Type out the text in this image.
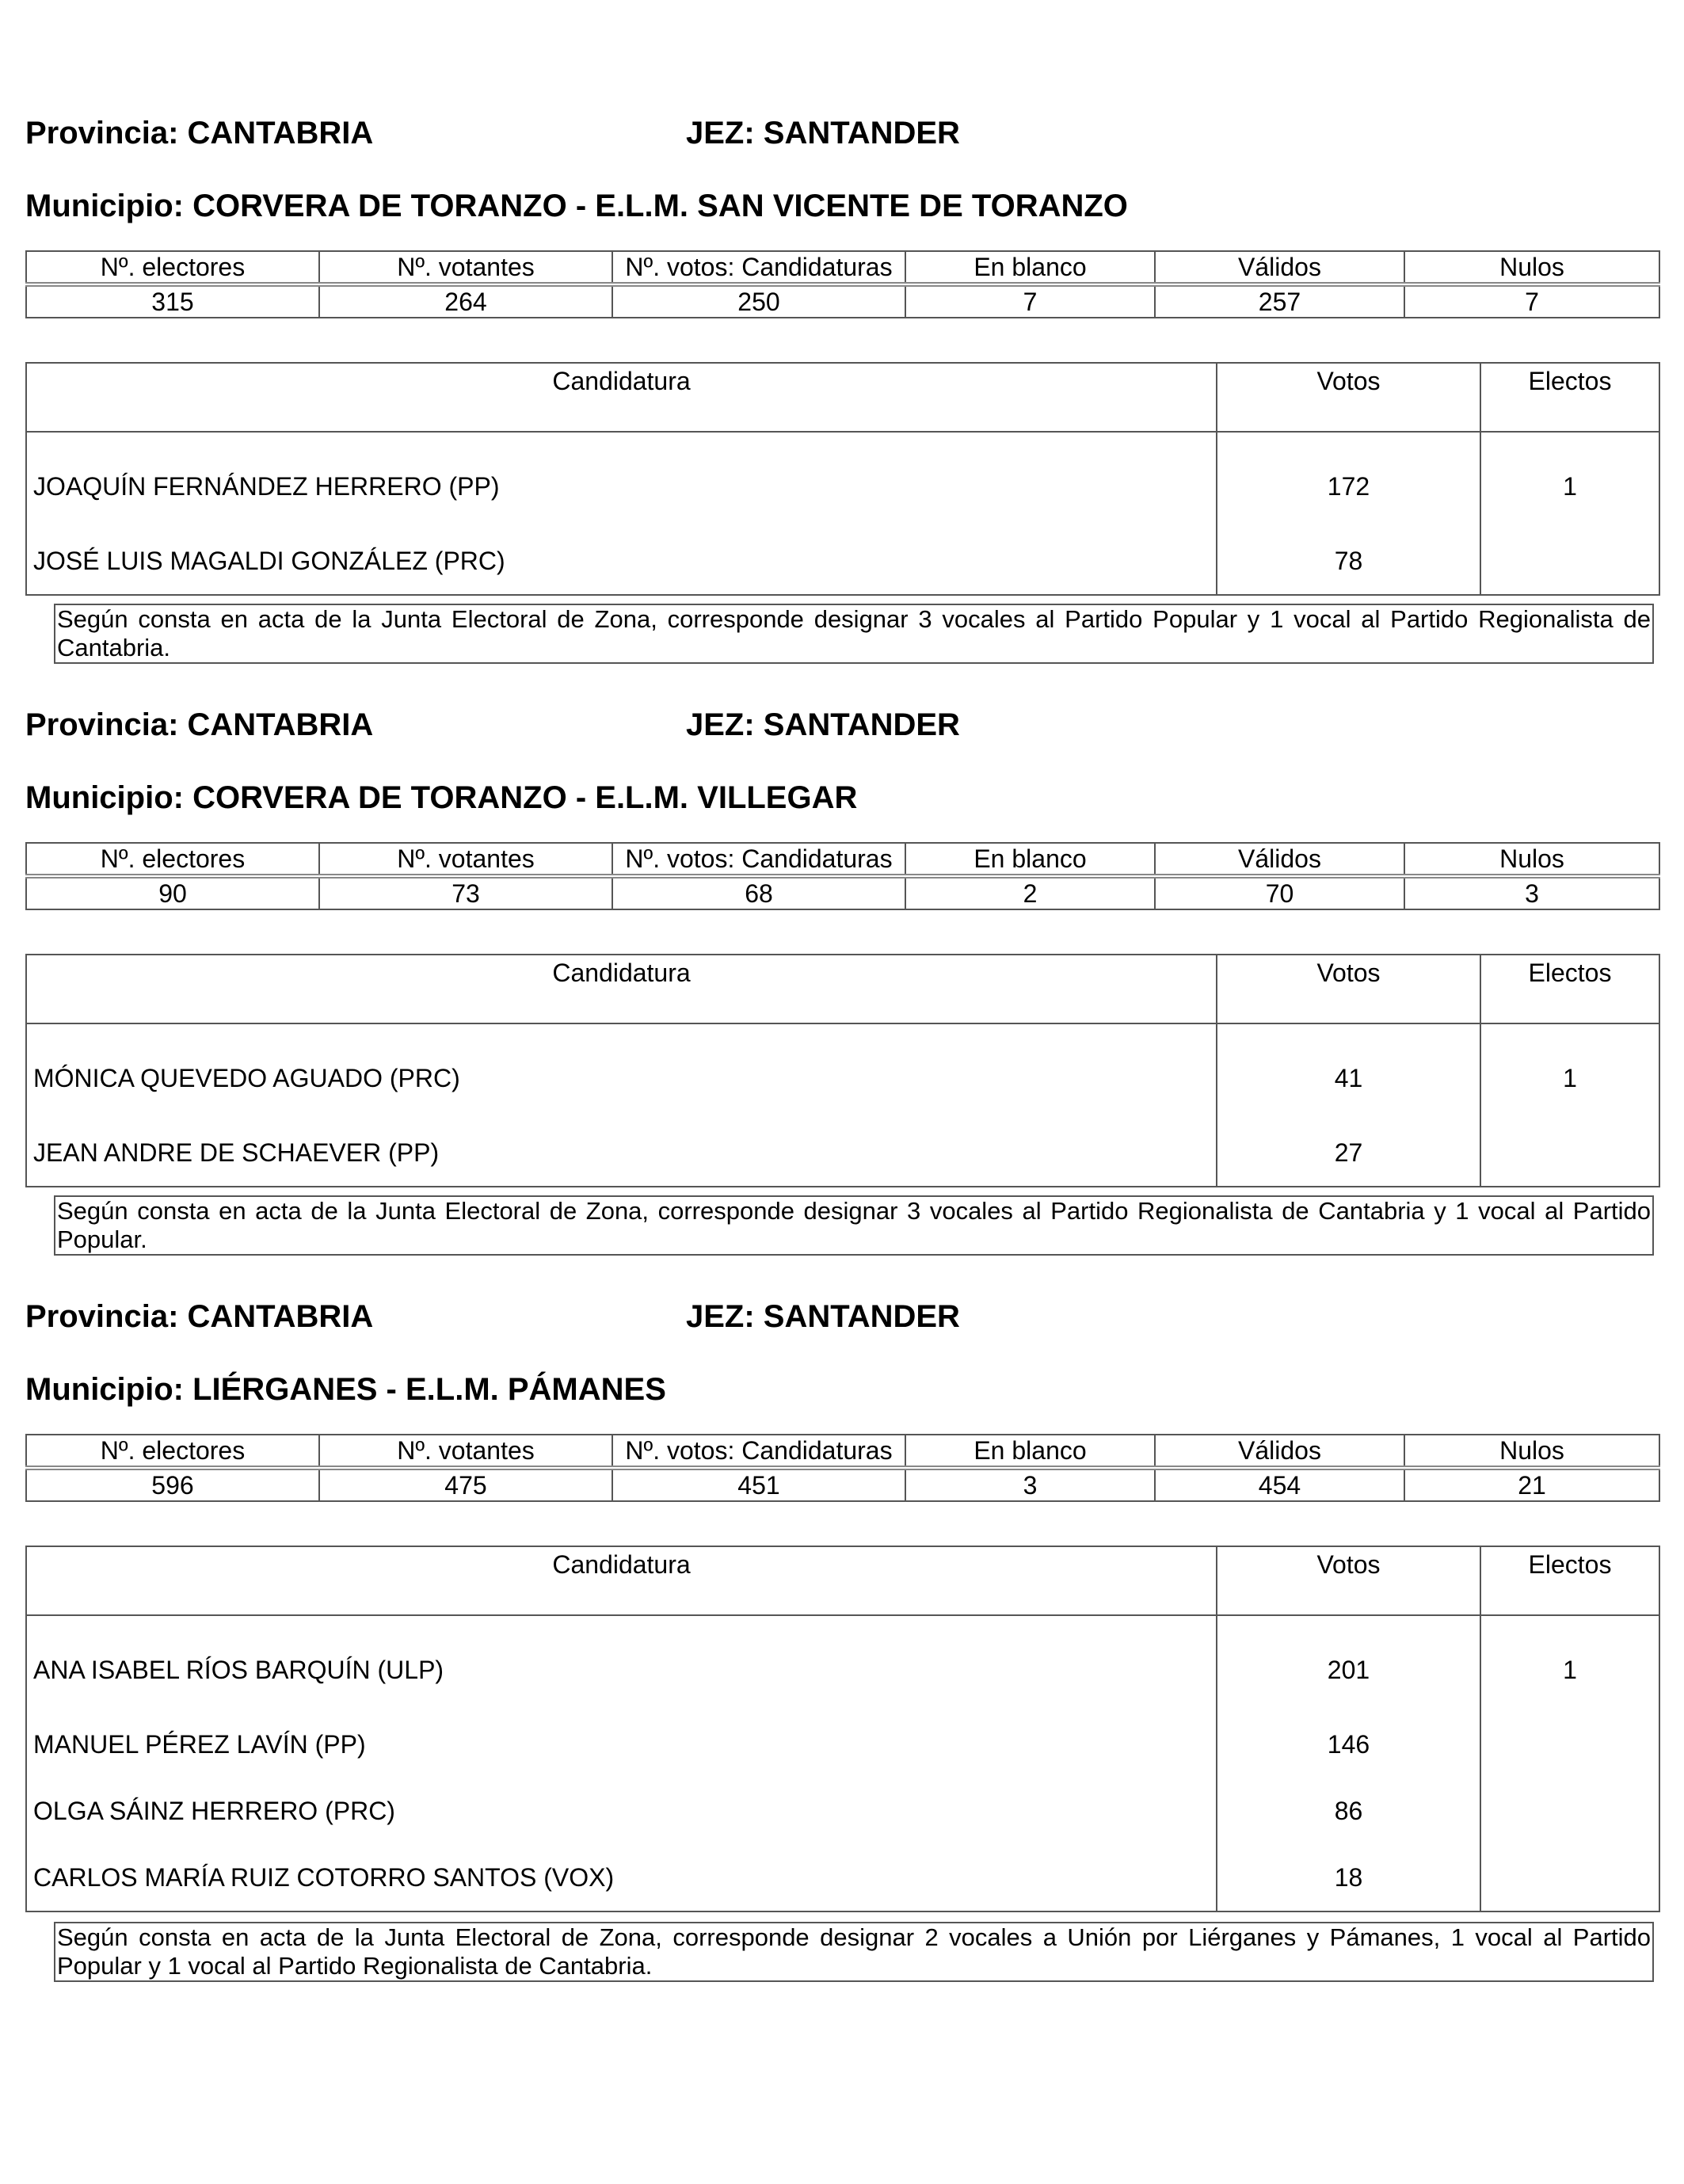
Provincia: CANTABRIA	JEZ: SANTANDER
Municipio: CORVERA DE TORANZO - E.L.M. SAN VICENTE DE TORANZO
Nº. electores	Nº. votantes	Nº. votos: Candidaturas	En blanco	Válidos	Nulos
315	264	250	7	257	7
Candidatura	Votos	Electos
JOAQUÍN FERNÁNDEZ HERRERO (PP)	172	1
JOSÉ LUIS MAGALDI GONZÁLEZ (PRC)	78	
Según consta en acta de la Junta Electoral de Zona, corresponde designar 3 vocales al Partido Popular y 1 vocal al Partido Regionalista de Cantabria.
Provincia: CANTABRIA	JEZ: SANTANDER
Municipio: CORVERA DE TORANZO - E.L.M. VILLEGAR
Nº. electores	Nº. votantes	Nº. votos: Candidaturas	En blanco	Válidos	Nulos
90	73	68	2	70	3
Candidatura	Votos	Electos
MÓNICA QUEVEDO AGUADO (PRC)	41	1
JEAN ANDRE DE SCHAEVER (PP)	27	
Según consta en acta de la Junta Electoral de Zona, corresponde designar 3 vocales al Partido Regionalista de Cantabria y 1 vocal al Partido Popular.
Provincia: CANTABRIA	JEZ: SANTANDER
Municipio: LIÉRGANES - E.L.M. PÁMANES
Nº. electores	Nº. votantes	Nº. votos: Candidaturas	En blanco	Válidos	Nulos
596	475	451	3	454	21
Candidatura	Votos	Electos
ANA ISABEL RÍOS BARQUÍN (ULP)	201	1
MANUEL PÉREZ LAVÍN (PP)	146	
OLGA SÁINZ HERRERO (PRC)	86	
CARLOS MARÍA RUIZ COTORRO SANTOS (VOX)	18	
Según consta en acta de la Junta Electoral de Zona, corresponde designar 2 vocales a Unión por Liérganes y Pámanes, 1 vocal al Partido Popular y 1 vocal al Partido Regionalista de Cantabria.
